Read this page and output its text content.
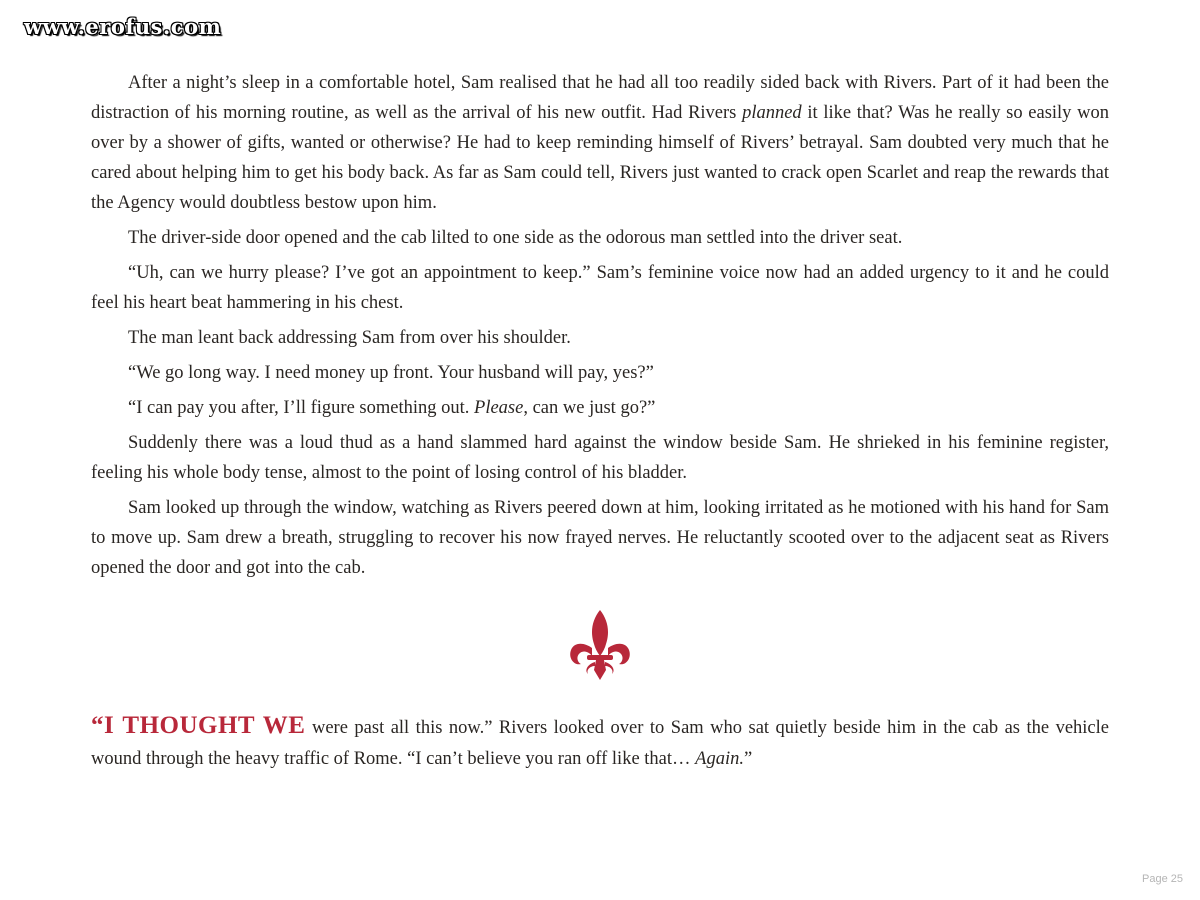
www.erofus.com

After a night’s sleep in a comfortable hotel, Sam realised that he had all too readily sided back with Rivers. Part of it had been the distraction of his morning routine, as well as the arrival of his new outfit. Had Rivers planned it like that? Was he really so easily won over by a shower of gifts, wanted or otherwise? He had to keep reminding himself of Rivers’ betrayal. Sam doubted very much that he cared about helping him to get his body back. As far as Sam could tell, Rivers just wanted to crack open Scarlet and reap the rewards that the Agency would doubtless bestow upon him.

The driver-side door opened and the cab lilted to one side as the odorous man settled into the driver seat.

“Uh, can we hurry please? I’ve got an appointment to keep.” Sam’s feminine voice now had an added urgency to it and he could feel his heart beat hammering in his chest.

The man leant back addressing Sam from over his shoulder.

“We go long way. I need money up front. Your husband will pay, yes?”

“I can pay you after, I’ll figure something out. Please, can we just go?”

Suddenly there was a loud thud as a hand slammed hard against the window beside Sam. He shrieked in his feminine register, feeling his whole body tense, almost to the point of losing control of his bladder.

Sam looked up through the window, watching as Rivers peered down at him, looking irritated as he motioned with his hand for Sam to move up. Sam drew a breath, struggling to recover his now frayed nerves. He reluctantly scooted over to the adjacent seat as Rivers opened the door and got into the cab.

“I THOUGHT WE were past all this now.” Rivers looked over to Sam who sat quietly beside him in the cab as the vehicle wound through the heavy traffic of Rome. “I can’t believe you ran off like that… Again.”

Page 25
